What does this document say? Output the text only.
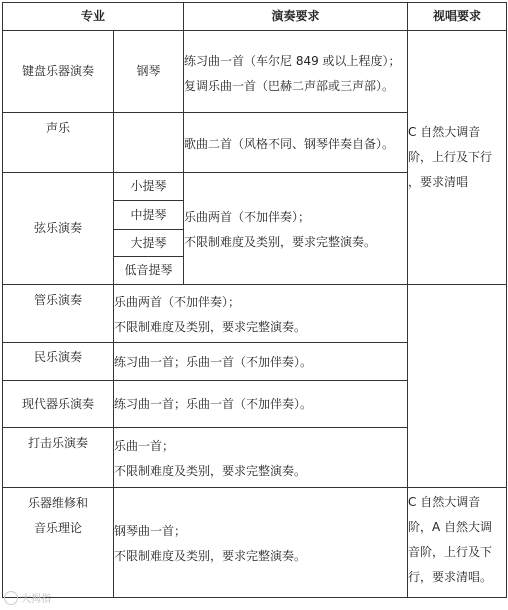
专业		演奏要求	视唱要求
键盘乐器演奏	钢琴	练习曲一首（车尔尼 849 或以上程度）；
复调乐曲一首（巴赫二声部或三声部）。	C 自然大调音
阶，上行及下行
，要求清唱

声乐		歌曲二首（风格不同、钢琴伴奏自备）。	

弦乐演奏	小提琴	乐曲两首（不加伴奏）；
不限制难度及类别，要求完整演奏。	

	中提琴		
	大提琴		
	低音提琴		
管乐演奏	乐曲两首（不加伴奏）；
不限制难度及类别，要求完整演奏。		

民乐演奏	练习曲一首；乐曲一首（不加伴奏）。		

现代器乐演奏	练习曲一首；乐曲一首（不加伴奏）。		

打击乐演奏	乐曲一首；
不限制难度及类别，要求完整演奏。		

乐器维修和
音乐理论	钢琴曲一首；
不限制难度及类别，要求完整演奏。		C 自然大调音
阶，A 自然大调
音阶，上行及下
行，要求清唱。
大拇指
